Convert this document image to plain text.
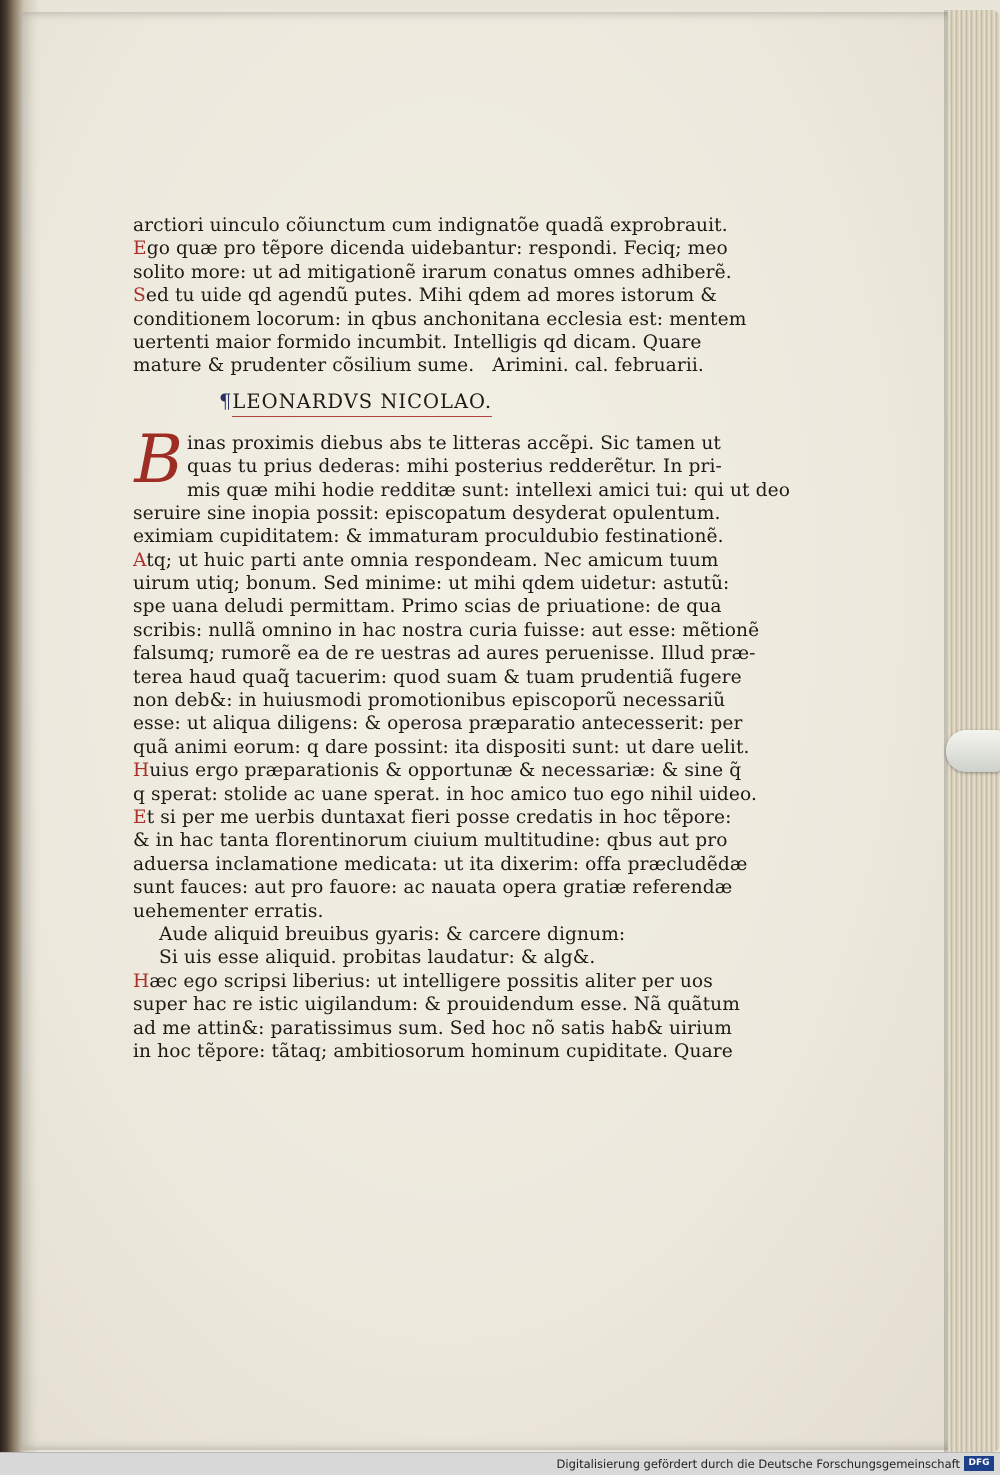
arctiori uinculo cõiunctum cum indignatõe quadã exprobrauit.
Ego quæ pro tẽpore dicenda uidebantur: respondi. Feciq; meo
solito more: ut ad mitigationẽ irarum conatus omnes adhiberẽ.
Sed tu uide qd agendũ putes. Mihi qdem ad mores istorum &
conditionem locorum: in qbus anchonitana ecclesia est: mentem
uertenti maior formido incumbit. Intelligis qd dicam. Quare
mature & prudenter cõsilium sume.   Arimini. cal. februarii.
¶LEONARDVS NICOLAO.
B inas proximis diebus abs te litteras accẽpi. Sic tamen ut
quas tu prius dederas: mihi posterius redderẽtur. In pri-
mis quæ mihi hodie redditæ sunt: intellexi amici tui: qui ut deo
seruire sine inopia possit: episcopatum desyderat opulentum.
eximiam cupiditatem: & immaturam proculdubio festinationẽ.
Atq; ut huic parti ante omnia respondeam. Nec amicum tuum
uirum utiq; bonum. Sed minime: ut mihi qdem uidetur: astutũ:
spe uana deludi permittam. Primo scias de priuatione: de qua
scribis: nullã omnino in hac nostra curia fuisse: aut esse: mẽtionẽ
falsumq; rumorẽ ea de re uestras ad aures peruenisse. Illud præ-
terea haud quaq̃ tacuerim: quod suam & tuam prudentiã fugere
non deb&: in huiusmodi promotionibus episcoporũ necessariũ
esse: ut aliqua diligens: & operosa præparatio antecesserit: per
quã animi eorum: q dare possint: ita dispositi sunt: ut dare uelit.
Huius ergo præparationis & opportunæ & necessariæ: & sine q̃
q sperat: stolide ac uane sperat. in hoc amico tuo ego nihil uideo.
Et si per me uerbis duntaxat fieri posse credatis in hoc tẽpore:
& in hac tanta florentinorum ciuium multitudine: qbus aut pro
aduersa inclamatione medicata: ut ita dixerim: offa præcludẽdæ
sunt fauces: aut pro fauore: ac nauata opera gratiæ referendæ
uehementer erratis.
Aude aliquid breuibus gyaris: & carcere dignum:
Si uis esse aliquid. probitas laudatur: & alg&.
Hæc ego scripsi liberius: ut intelligere possitis aliter per uos
super hac re istic uigilandum: & prouidendum esse. Nã quãtum
ad me attin&: paratissimus sum. Sed hoc nõ satis hab& uirium
in hoc tẽpore: tãtaq; ambitiosorum hominum cupiditate. Quare
Digitalisierung gefördert durch die Deutsche Forschungsgemeinschaft DFG
